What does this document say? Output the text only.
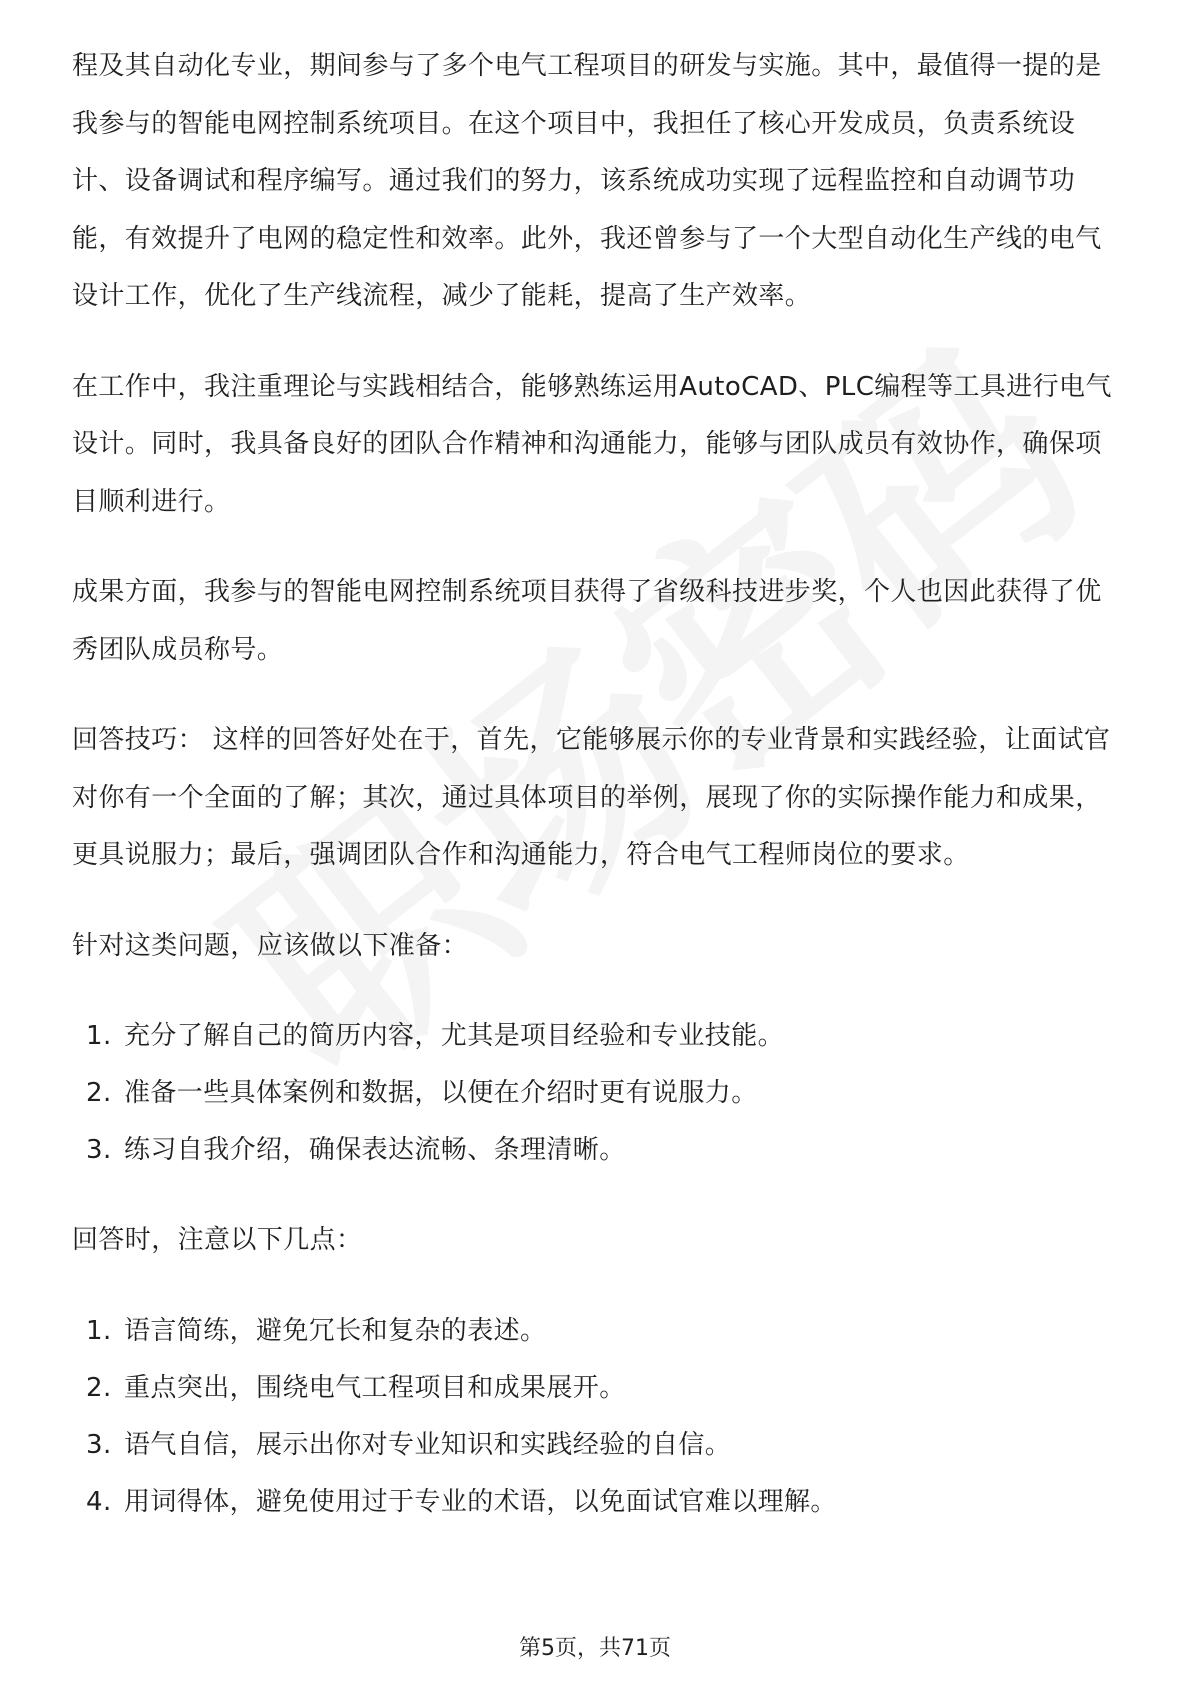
程及其自动化专业，期间参与了多个电气工程项目的研发与实施。其中，最值得一提的是我参与的智能电网控制系统项目。在这个项目中，我担任了核心开发成员，负责系统设计、设备调试和程序编写。通过我们的努力，该系统成功实现了远程监控和自动调节功能，有效提升了电网的稳定性和效率。此外，我还曾参与了一个大型自动化生产线的电气设计工作，优化了生产线流程，减少了能耗，提高了生产效率。

在工作中，我注重理论与实践相结合，能够熟练运用AutoCAD、PLC编程等工具进行电气设计。同时，我具备良好的团队合作精神和沟通能力，能够与团队成员有效协作，确保项目顺利进行。

成果方面，我参与的智能电网控制系统项目获得了省级科技进步奖，个人也因此获得了优秀团队成员称号。

回答技巧： 这样的回答好处在于，首先，它能够展示你的专业背景和实践经验，让面试官对你有一个全面的了解；其次，通过具体项目的举例，展现了你的实际操作能力和成果，更具说服力；最后，强调团队合作和沟通能力，符合电气工程师岗位的要求。

针对这类问题，应该做以下准备：

1. 充分了解自己的简历内容，尤其是项目经验和专业技能。
2. 准备一些具体案例和数据，以便在介绍时更有说服力。
3. 练习自我介绍，确保表达流畅、条理清晰。

回答时，注意以下几点：

1. 语言简练，避免冗长和复杂的表述。
2. 重点突出，围绕电气工程项目和成果展开。
3. 语气自信，展示出你对专业知识和实践经验的自信。
4. 用词得体，避免使用过于专业的术语，以免面试官难以理解。
第5页，共71页
